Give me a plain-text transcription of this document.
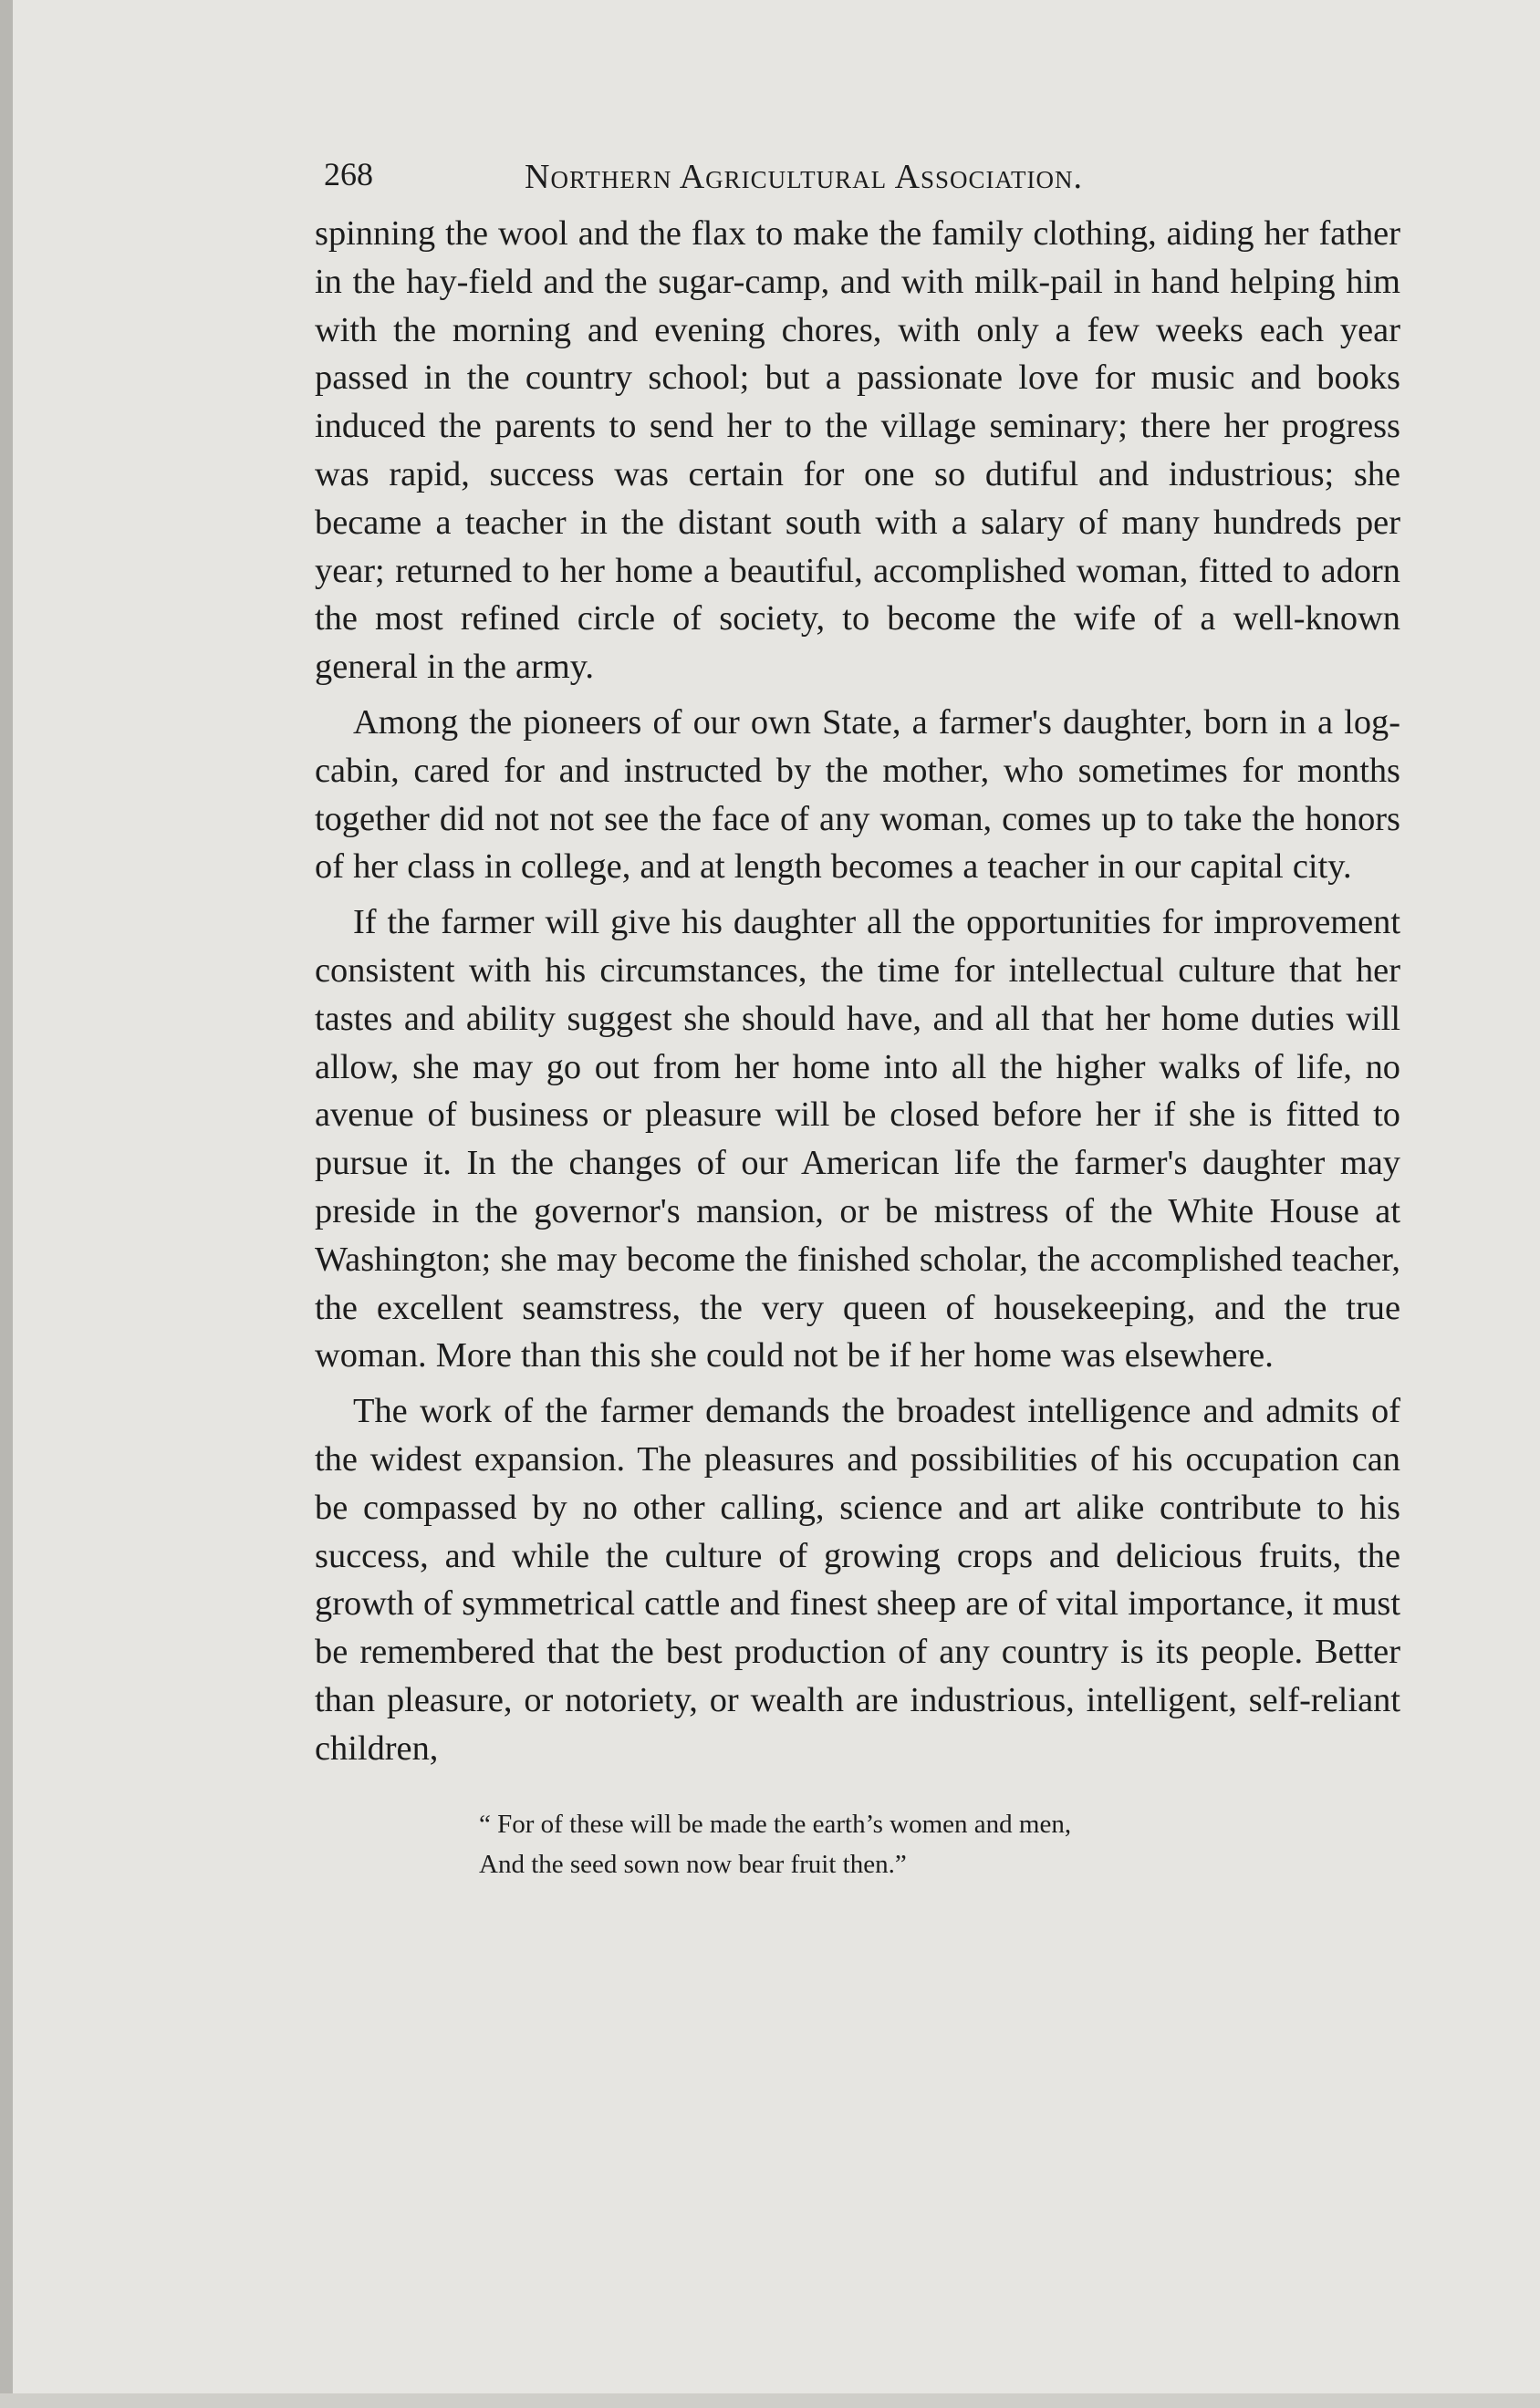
268	Northern Agricultural Association.

spinning the wool and the flax to make the family clothing, aiding her father in the hay-field and the sugar-camp, and with milk-pail in hand helping him with the morning and evening chores, with only a few weeks each year passed in the country school; but a passionate love for music and books induced the parents to send her to the village seminary; there her progress was rapid, success was certain for one so dutiful and industrious; she became a teacher in the distant south with a salary of many hundreds per year; returned to her home a beautiful, accomplished woman, fitted to adorn the most refined circle of society, to become the wife of a well-known general in the army.

Among the pioneers of our own State, a farmer's daughter, born in a log-cabin, cared for and instructed by the mother, who sometimes for months together did not not see the face of any woman, comes up to take the honors of her class in college, and at length becomes a teacher in our capital city.

If the farmer will give his daughter all the opportunities for improvement consistent with his circumstances, the time for intellectual culture that her tastes and ability suggest she should have, and all that her home duties will allow, she may go out from her home into all the higher walks of life, no avenue of business or pleasure will be closed before her if she is fitted to pursue it. In the changes of our American life the farmer's daughter may preside in the governor's mansion, or be mistress of the White House at Washington; she may become the finished scholar, the accomplished teacher, the excellent seamstress, the very queen of housekeeping, and the true woman. More than this she could not be if her home was elsewhere.

The work of the farmer demands the broadest intelligence and admits of the widest expansion. The pleasures and possibilities of his occupation can be compassed by no other calling, science and art alike contribute to his success, and while the culture of growing crops and delicious fruits, the growth of symmetrical cattle and finest sheep are of vital importance, it must be remembered that the best production of any country is its people. Better than pleasure, or notoriety, or wealth are industrious, intelligent, self-reliant children,

“ For of these will be made the earth’s women and men,
And the seed sown now bear fruit then.”
